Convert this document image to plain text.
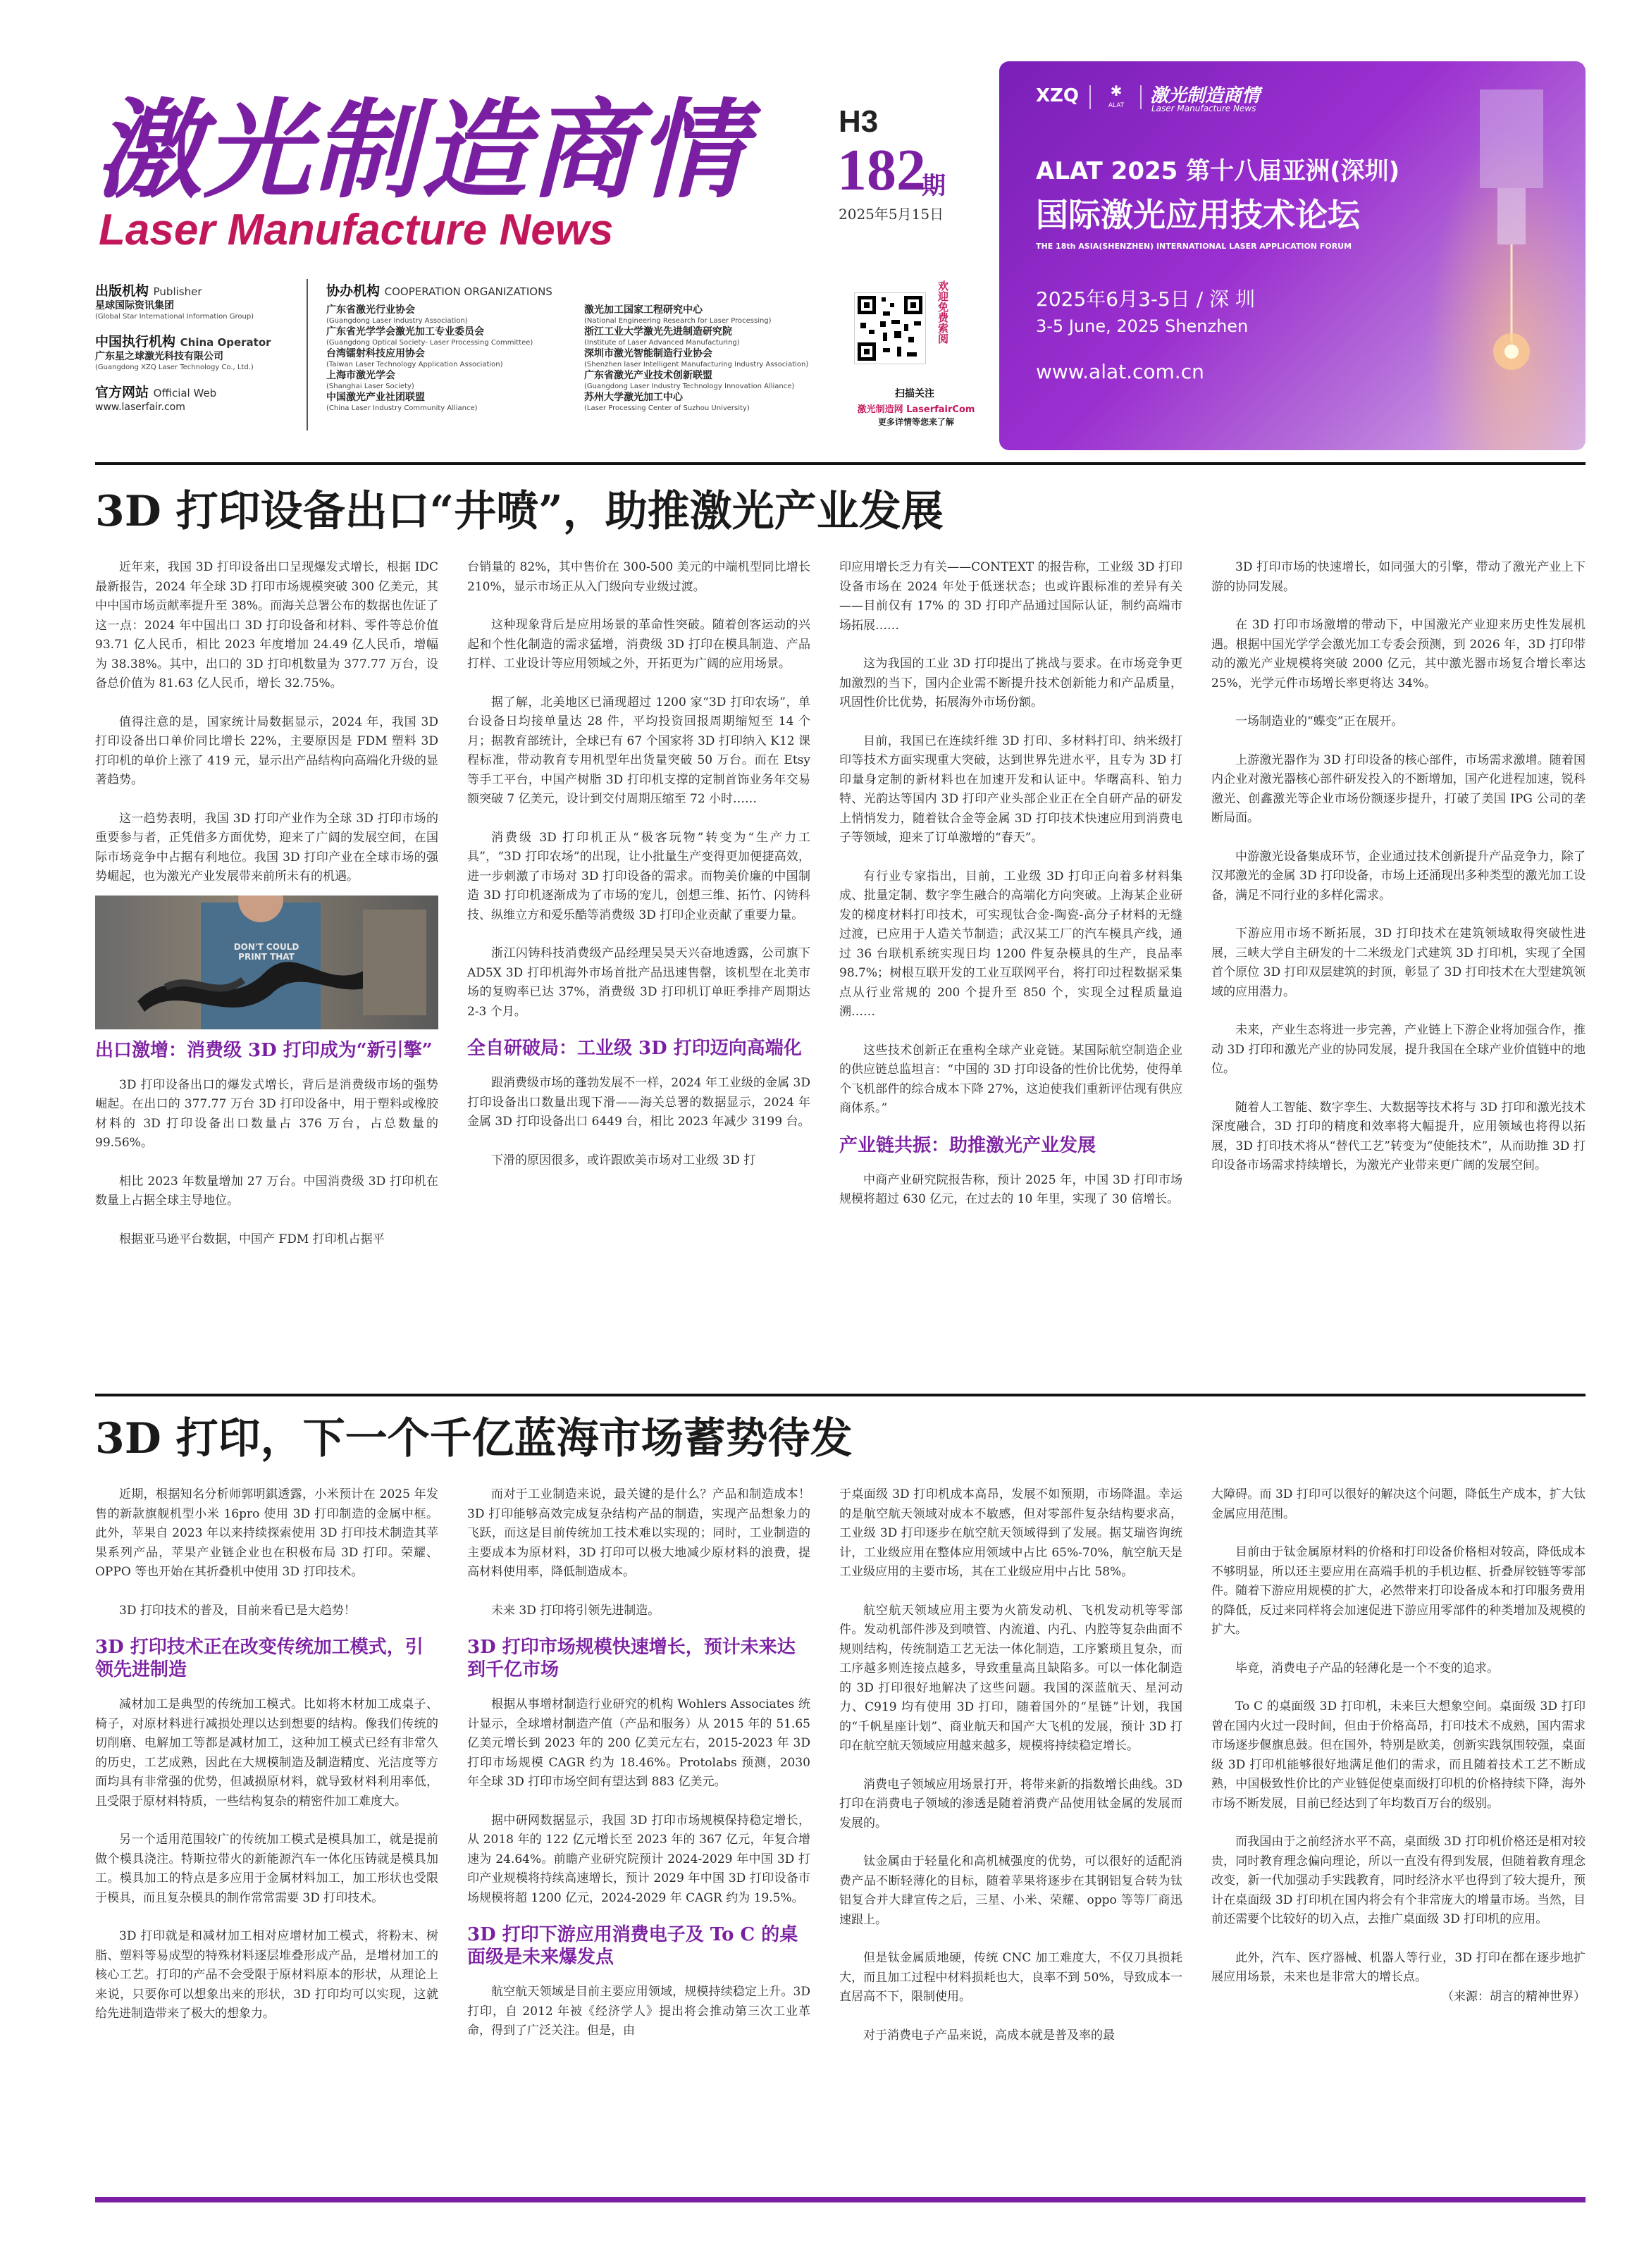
激光制造商情
Laser Manufacture News
H3
182
期
2025年5月15日
出版机构 Publisher
星球国际资讯集团
(Global Star International Information Group)
中国执行机构 China Operator
广东星之球激光科技有限公司
(Guangdong XZQ Laser Technology Co., Ltd.)
官方网站 Official Web
www.laserfair.com
协办机构 COOPERATION ORGANIZATIONS
广东省激光行业协会
(Guangdong Laser Industry Association)
广东省光学学会激光加工专业委员会
(Guangdong Optical Society- Laser Processing Committee)
台湾镭射科技应用协会
(Taiwan Laser Technology Application Association)
上海市激光学会
(Shanghai Laser Society)
中国激光产业社团联盟
(China Laser Industry Community Alliance)
激光加工国家工程研究中心
(National Engineering Research for Laser Processing)
浙江工业大学激光先进制造研究院
(Institute of Laser Advanced Manufacturing)
深圳市激光智能制造行业协会
(Shenzhen laser Intelligent Manufacturing Industry Association)
广东省激光产业技术创新联盟
(Guangdong Laser Industry Technology Innovation Alliance)
苏州大学激光加工中心
(Laser Processing Center of Suzhou University)
欢迎免费索阅
扫描关注
激光制造网 LaserfairCom
更多详情等您来了解
XZQ	✱
ALAT	激光制造商情
Laser Manufacture News
ALAT 2025 第十八届亚洲(深圳)
国际激光应用技术论坛
THE 18th ASIA(SHENZHEN) INTERNATIONAL LASER APPLICATION FORUM
2025年6月3-5日 / 深 圳
3-5 June, 2025 Shenzhen
www.alat.com.cn
3D 打印设备出口“井喷”，助推激光产业发展

近年来，我国 3D 打印设备出口呈现爆发式增长，根据 IDC 最新报告，2024 年全球 3D 打印市场规模突破 300 亿美元，其中中国市场贡献率提升至 38%。而海关总署公布的数据也佐证了这一点：2024 年中国出口 3D 打印设备和材料、零件等总价值 93.71 亿人民币，相比 2023 年度增加 24.49 亿人民币，增幅为 38.38%。其中，出口的 3D 打印机数量为 377.77 万台，设备总价值为 81.63 亿人民币，增长 32.75%。

值得注意的是，国家统计局数据显示，2024 年，我国 3D 打印设备出口单价同比增长 22%，主要原因是 FDM 塑料 3D 打印机的单价上涨了 419 元，显示出产品结构向高端化升级的显著趋势。

这一趋势表明，我国 3D 打印产业作为全球 3D 打印市场的重要参与者，正凭借多方面优势，迎来了广阔的发展空间，在国际市场竞争中占据有利地位。我国 3D 打印产业在全球市场的强势崛起，也为激光产业发展带来前所未有的机遇。

DON'T COULD PRINT THAT
出口激增：消费级 3D 打印成为“新引擎”

3D 打印设备出口的爆发式增长，背后是消费级市场的强势崛起。在出口的 377.77 万台 3D 打印设备中，用于塑料或橡胶材料的 3D 打印设备出口数量占 376 万台，占总数量的 99.56%。

相比 2023 年数量增加 27 万台。中国消费级 3D 打印机在数量上占据全球主导地位。

根据亚马逊平台数据，中国产 FDM 打印机占据平

台销量的 82%，其中售价在 300-500 美元的中端机型同比增长 210%，显示市场正从入门级向专业级过渡。

这种现象背后是应用场景的革命性突破。随着创客运动的兴起和个性化制造的需求猛增，消费级 3D 打印在模具制造、产品打样、工业设计等应用领域之外，开拓更为广阔的应用场景。

据了解，北美地区已涌现超过 1200 家“3D 打印农场”，单台设备日均接单量达 28 件，平均投资回报周期缩短至 14 个月；据教育部统计，全球已有 67 个国家将 3D 打印纳入 K12 课程标准，带动教育专用机型年出货量突破 50 万台。而在 Etsy 等手工平台，中国产树脂 3D 打印机支撑的定制首饰业务年交易额突破 7 亿美元，设计到交付周期压缩至 72 小时……

消费级 3D 打印机正从“极客玩物”转变为“生产力工具”，“3D 打印农场”的出现，让小批量生产变得更加便捷高效，进一步刺激了市场对 3D 打印设备的需求。而物美价廉的中国制造 3D 打印机逐渐成为了市场的宠儿，创想三维、拓竹、闪铸科技、纵维立方和爱乐酷等消费级 3D 打印企业贡献了重要力量。

浙江闪铸科技消费级产品经理吴昊天兴奋地透露，公司旗下 AD5X 3D 打印机海外市场首批产品迅速售罄，该机型在北美市场的复购率已达 37%，消费级 3D 打印机订单旺季排产周期达 2-3 个月。

全自研破局：工业级 3D 打印迈向高端化

跟消费级市场的蓬勃发展不一样，2024 年工业级的金属 3D 打印设备出口数量出现下滑——海关总署的数据显示，2024 年金属 3D 打印设备出口 6449 台，相比 2023 年减少 3199 台。

下滑的原因很多，或许跟欧美市场对工业级 3D 打

印应用增长乏力有关——CONTEXT 的报告称，工业级 3D 打印设备市场在 2024 年处于低迷状态；也或许跟标准的差异有关——目前仅有 17% 的 3D 打印产品通过国际认证，制约高端市场拓展……

这为我国的工业 3D 打印提出了挑战与要求。在市场竞争更加激烈的当下，国内企业需不断提升技术创新能力和产品质量，巩固性价比优势，拓展海外市场份额。

目前，我国已在连续纤维 3D 打印、多材料打印、纳米级打印等技术方面实现重大突破，达到世界先进水平，且专为 3D 打印量身定制的新材料也在加速开发和认证中。华曙高科、铂力特、光韵达等国内 3D 打印产业头部企业正在全自研产品的研发上悄悄发力，随着钛合金等金属 3D 打印技术快速应用到消费电子等领域，迎来了订单激增的“春天”。

有行业专家指出，目前，工业级 3D 打印正向着多材料集成、批量定制、数字孪生融合的高端化方向突破。上海某企业研发的梯度材料打印技术，可实现钛合金-陶瓷-高分子材料的无缝过渡，已应用于人造关节制造；武汉某工厂的汽车模具产线，通过 36 台联机系统实现日均 1200 件复杂模具的生产，良品率 98.7%；树根互联开发的工业互联网平台，将打印过程数据采集点从行业常规的 200 个提升至 850 个，实现全过程质量追溯……

这些技术创新正在重构全球产业竞链。某国际航空制造企业的供应链总监坦言：“中国的 3D 打印设备的性价比优势，使得单个飞机部件的综合成本下降 27%，这迫使我们重新评估现有供应商体系。”

产业链共振：助推激光产业发展

中商产业研究院报告称，预计 2025 年，中国 3D 打印市场规模将超过 630 亿元，在过去的 10 年里，实现了 30 倍增长。

3D 打印市场的快速增长，如同强大的引擎，带动了激光产业上下游的协同发展。

在 3D 打印市场激增的带动下，中国激光产业迎来历史性发展机遇。根据中国光学学会激光加工专委会预测，到 2026 年，3D 打印带动的激光产业规模将突破 2000 亿元，其中激光器市场复合增长率达 25%，光学元件市场增长率更将达 34%。

一场制造业的“蝶变”正在展开。

上游激光器作为 3D 打印设备的核心部件，市场需求激增。随着国内企业对激光器核心部件研发投入的不断增加，国产化进程加速，锐科激光、创鑫激光等企业市场份额逐步提升，打破了美国 IPG 公司的垄断局面。

中游激光设备集成环节，企业通过技术创新提升产品竞争力，除了汉邦激光的金属 3D 打印设备，市场上还涌现出多种类型的激光加工设备，满足不同行业的多样化需求。

下游应用市场不断拓展，3D 打印技术在建筑领域取得突破性进展，三峡大学自主研发的十二米级龙门式建筑 3D 打印机，实现了全国首个原位 3D 打印双层建筑的封顶，彰显了 3D 打印技术在大型建筑领域的应用潜力。

未来，产业生态将进一步完善，产业链上下游企业将加强合作，推动 3D 打印和激光产业的协同发展，提升我国在全球产业价值链中的地位。

随着人工智能、数字孪生、大数据等技术将与 3D 打印和激光技术深度融合，3D 打印的精度和效率将大幅提升，应用领域也将得以拓展，3D 打印技术将从“替代工艺”转变为“使能技术”，从而助推 3D 打印设备市场需求持续增长，为激光产业带来更广阔的发展空间。

3D 打印，下一个千亿蓝海市场蓄势待发

近期，根据知名分析师郭明錤透露，小米预计在 2025 年发售的新款旗舰机型小米 16pro 使用 3D 打印制造的金属中框。此外，苹果自 2023 年以来持续探索使用 3D 打印技术制造其苹果系列产品，苹果产业链企业也在积极布局 3D 打印。荣耀、OPPO 等也开始在其折叠机中使用 3D 打印技术。

3D 打印技术的普及，目前来看已是大趋势！

3D 打印技术正在改变传统加工模式，引领先进制造

减材加工是典型的传统加工模式。比如将木材加工成桌子、椅子，对原材料进行减损处理以达到想要的结构。像我们传统的切削磨、电解加工等都是减材加工，这种加工模式已经有非常久的历史，工艺成熟，因此在大规模制造及制造精度、光洁度等方面均具有非常强的优势，但减损原材料，就导致材料利用率低，且受限于原材料特质，一些结构复杂的精密件加工难度大。

另一个适用范围较广的传统加工模式是模具加工，就是提前做个模具浇注。特斯拉带火的新能源汽车一体化压铸就是模具加工。模具加工的特点是多应用于金属材料加工，加工形状也受限于模具，而且复杂模具的制作常常需要 3D 打印技术。

3D 打印就是和减材加工相对应增材加工模式，将粉末、树脂、塑料等易成型的特殊材料逐层堆叠形成产品，是增材加工的核心工艺。打印的产品不会受限于原材料原本的形状，从理论上来说，只要你可以想象出来的形状，3D 打印均可以实现，这就给先进制造带来了极大的想象力。

而对于工业制造来说，最关键的是什么？产品和制造成本！3D 打印能够高效完成复杂结构产品的制造，实现产品想象力的飞跃，而这是目前传统加工技术难以实现的；同时，工业制造的主要成本为原材料，3D 打印可以极大地减少原材料的浪费，提高材料使用率，降低制造成本。

未来 3D 打印将引领先进制造。

3D 打印市场规模快速增长，预计未来达到千亿市场

根据从事增材制造行业研究的机构 Wohlers Associates 统计显示，全球增材制造产值（产品和服务）从 2015 年的 51.65 亿美元增长到 2023 年的 200 亿美元左右，2015-2023 年 3D 打印市场规模 CAGR 约为 18.46%。Protolabs 预测，2030 年全球 3D 打印市场空间有望达到 883 亿美元。

据中研网数据显示，我国 3D 打印市场规模保持稳定增长，从 2018 年的 122 亿元增长至 2023 年的 367 亿元，年复合增速为 24.64%。前瞻产业研究院预计 2024-2029 年中国 3D 打印产业规模将持续高速增长，预计 2029 年中国 3D 打印设备市场规模将超 1200 亿元，2024-2029 年 CAGR 约为 19.5%。

3D 打印下游应用消费电子及 To C 的桌面级是未来爆发点

航空航天领域是目前主要应用领域，规模持续稳定上升。3D 打印，自 2012 年被《经济学人》提出将会推动第三次工业革命，得到了广泛关注。但是，由

于桌面级 3D 打印机成本高昂，发展不如预期，市场降温。幸运的是航空航天领域对成本不敏感，但对零部件复杂结构要求高，工业级 3D 打印逐步在航空航天领域得到了发展。据艾瑞咨询统计，工业级应用在整体应用领域中占比 65%-70%，航空航天是工业级应用的主要市场，其在工业级应用中占比 58%。

航空航天领域应用主要为火箭发动机、飞机发动机等零部件。发动机部件涉及到喷管、内流道、内孔、内腔等复杂曲面不规则结构，传统制造工艺无法一体化制造，工序繁琐且复杂，而工序越多则连接点越多，导致重量高且缺陷多。可以一体化制造的 3D 打印很好地解决了这些问题。我国的深蓝航天、星河动力、C919 均有使用 3D 打印，随着国外的“星链”计划，我国的“千帆星座计划”、商业航天和国产大飞机的发展，预计 3D 打印在航空航天领域应用越来越多，规模将持续稳定增长。

消费电子领域应用场景打开，将带来新的指数增长曲线。3D 打印在消费电子领域的渗透是随着消费产品使用钛金属的发展而发展的。

钛金属由于轻量化和高机械强度的优势，可以很好的适配消费产品不断轻薄化的目标，随着苹果将逐步在其钢铝复合转为钛铝复合并大肆宣传之后，三星、小米、荣耀、oppo 等等厂商迅速跟上。

但是钛金属质地硬，传统 CNC 加工难度大，不仅刀具损耗大，而且加工过程中材料损耗也大，良率不到 50%，导致成本一直居高不下，限制使用。

对于消费电子产品来说，高成本就是普及率的最

大障碍。而 3D 打印可以很好的解决这个问题，降低生产成本，扩大钛金属应用范围。

目前由于钛金属原材料的价格和打印设备价格相对较高，降低成本不够明显，所以还主要应用在高端手机的手机边框、折叠屏铰链等零部件。随着下游应用规模的扩大，必然带来打印设备成本和打印服务费用的降低，反过来同样将会加速促进下游应用零部件的种类增加及规模的扩大。

毕竟，消费电子产品的轻薄化是一个不变的追求。

To C 的桌面级 3D 打印机，未来巨大想象空间。桌面级 3D 打印曾在国内火过一段时间，但由于价格高昂，打印技术不成熟，国内需求市场逐步偃旗息鼓。但在国外，特别是欧美，创新实践氛围较强，桌面级 3D 打印机能够很好地满足他们的需求，而且随着技术工艺不断成熟，中国极致性价比的产业链促使桌面级打印机的价格持续下降，海外市场不断发展，目前已经达到了年均数百万台的级别。

而我国由于之前经济水平不高，桌面级 3D 打印机价格还是相对较贵，同时教育理念偏向理论，所以一直没有得到发展，但随着教育理念改变，新一代加强动手实践教育，同时经济水平也得到了较大提升，预计在桌面级 3D 打印机在国内将会有个非常庞大的增量市场。当然，目前还需要个比较好的切入点，去推广桌面级 3D 打印机的应用。

此外，汽车、医疗器械、机器人等行业，3D 打印在都在逐步地扩展应用场景，未来也是非常大的增长点。

（来源：胡言的精神世界）
